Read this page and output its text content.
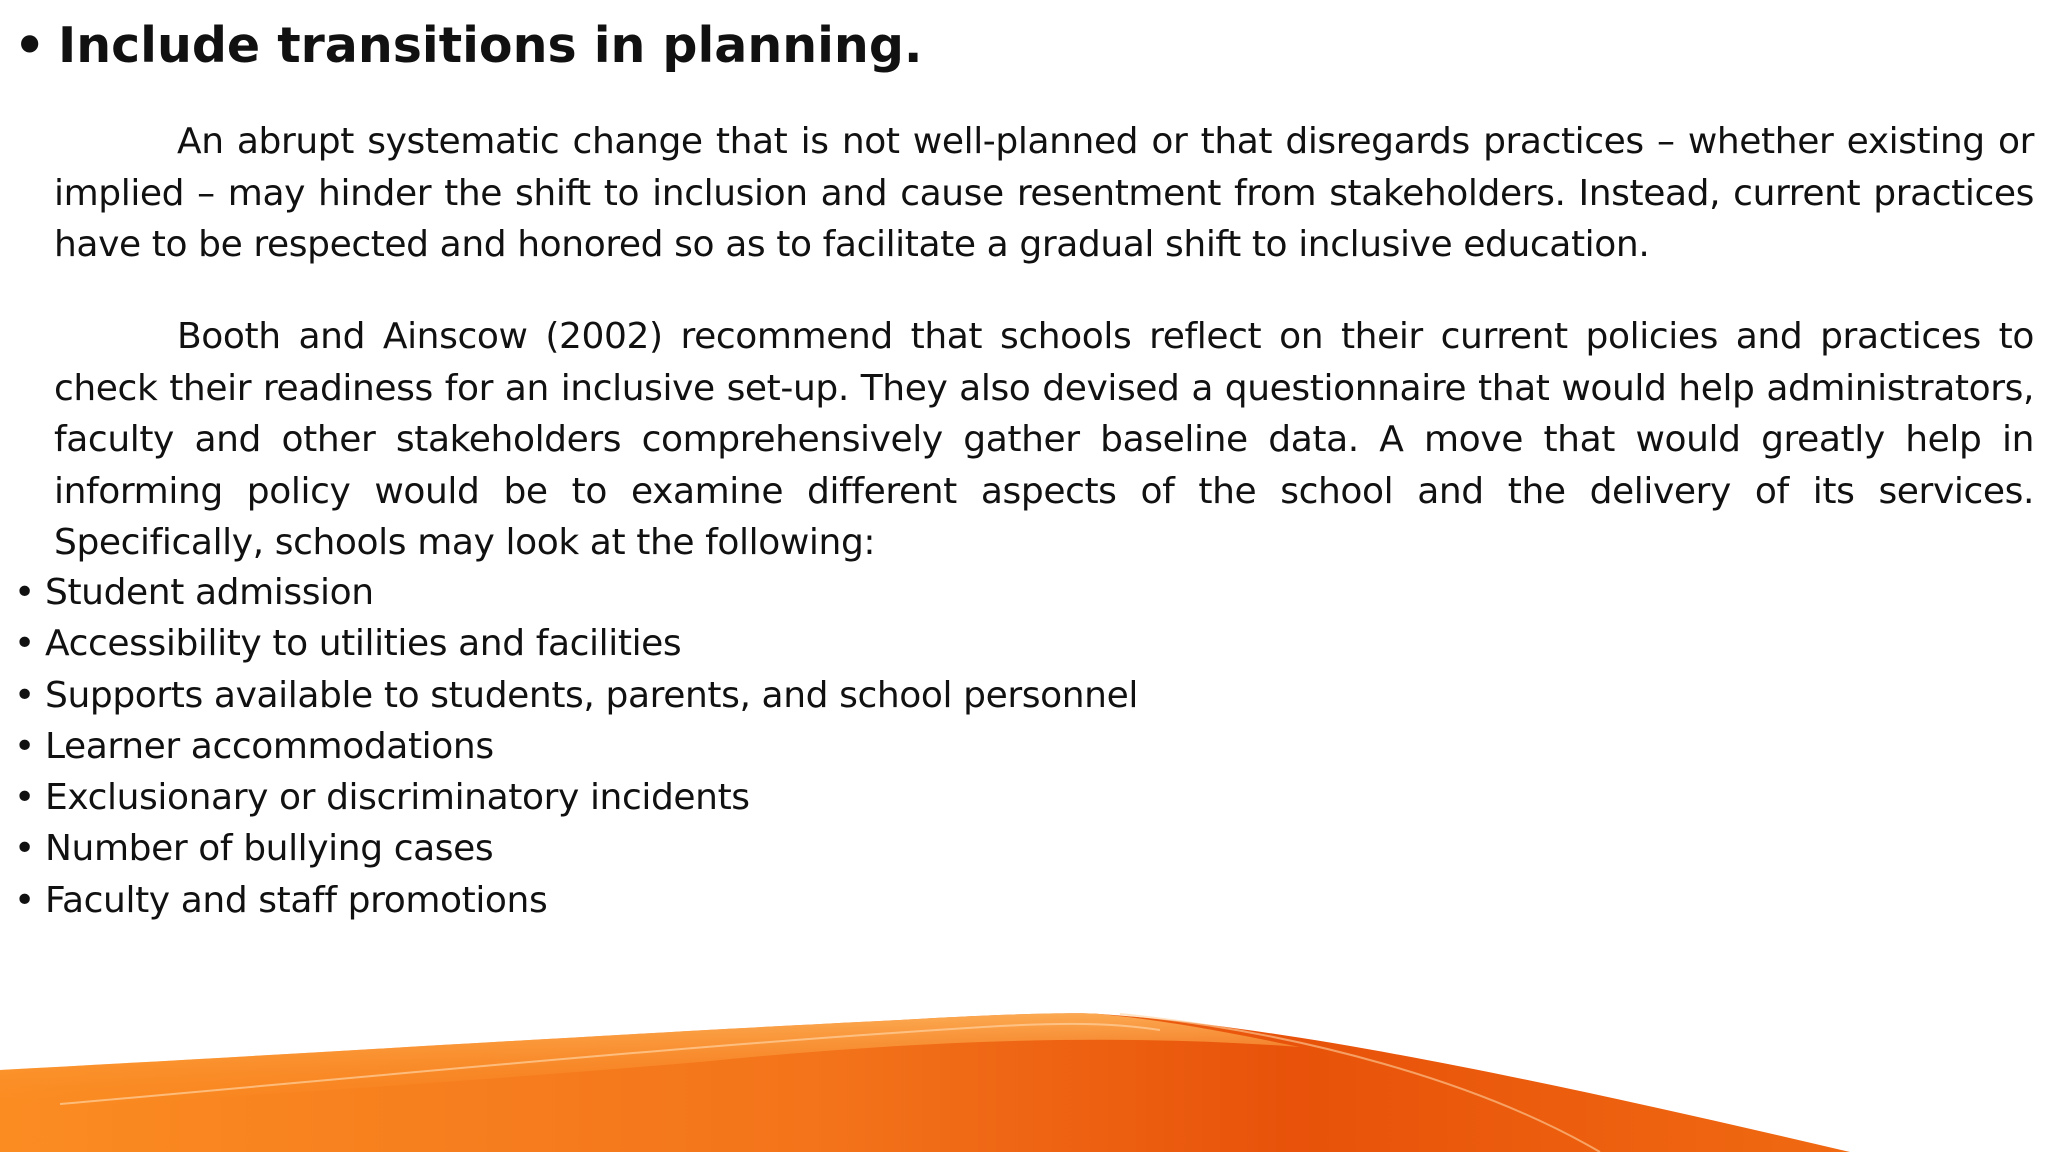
• Include transitions in planning.

An abrupt systematic change that is not well-planned or that disregards practices – whether existing or implied – may hinder the shift to inclusion and cause resentment from stakeholders. Instead, current practices have to be respected and honored so as to facilitate a gradual shift to inclusive education.

Booth and Ainscow (2002) recommend that schools reflect on their current policies and practices to check their readiness for an inclusive set-up. They also devised a questionnaire that would help administrators, faculty and other stakeholders comprehensively gather baseline data. A move that would greatly help in informing policy would be to examine different aspects of the school and the delivery of its services. Specifically, schools may look at the following:

• Student admission
• Accessibility to utilities and facilities
• Supports available to students, parents, and school personnel
• Learner accommodations
• Exclusionary or discriminatory incidents
• Number of bullying cases
• Faculty and staff promotions
